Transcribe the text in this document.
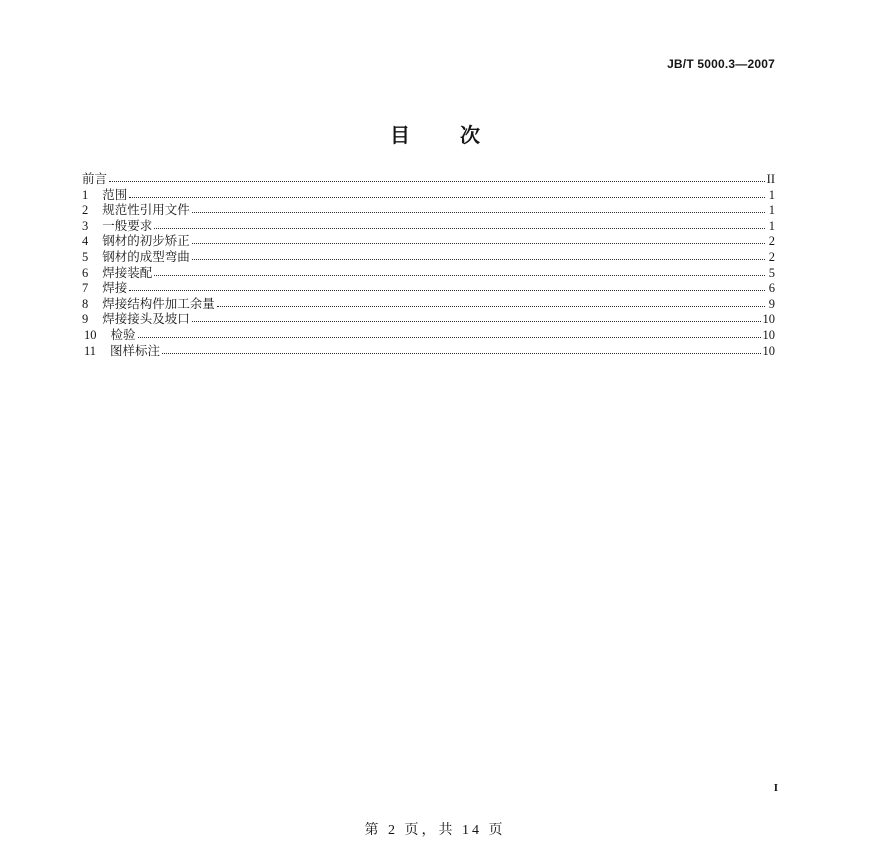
JB/T 5000.3—2007
目　次
前言	II
1	范围	1
2	规范性引用文件	1
3	一般要求	1
4	钢材的初步矫正	2
5	钢材的成型弯曲	2
6	焊接装配	5
7	焊接	6
8	焊接结构件加工余量	9
9	焊接接头及坡口	10
10	检验	10
11	图样标注	10
I
第 2 页，共 14 页
